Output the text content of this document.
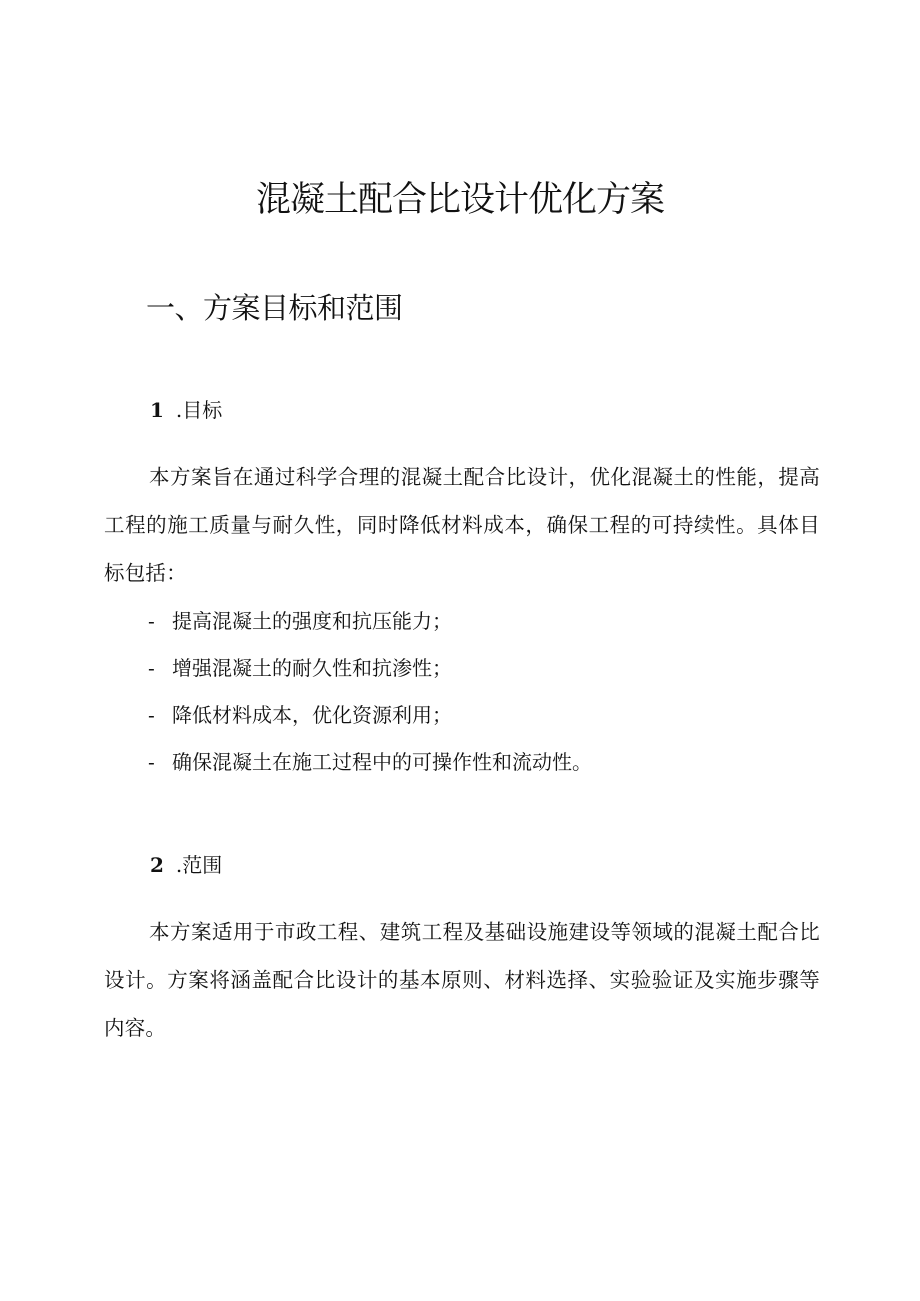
混凝土配合比设计优化方案
一、方案目标和范围
1 .目标

本方案旨在通过科学合理的混凝土配合比设计，优化混凝土的性能，提高工程的施工质量与耐久性，同时降低材料成本，确保工程的可持续性。具体目标包括：

- 提高混凝土的强度和抗压能力；
- 增强混凝土的耐久性和抗渗性；
- 降低材料成本，优化资源利用；
- 确保混凝土在施工过程中的可操作性和流动性。
2 .范围

本方案适用于市政工程、建筑工程及基础设施建设等领域的混凝土配合比设计。方案将涵盖配合比设计的基本原则、材料选择、实验验证及实施步骤等内容。
